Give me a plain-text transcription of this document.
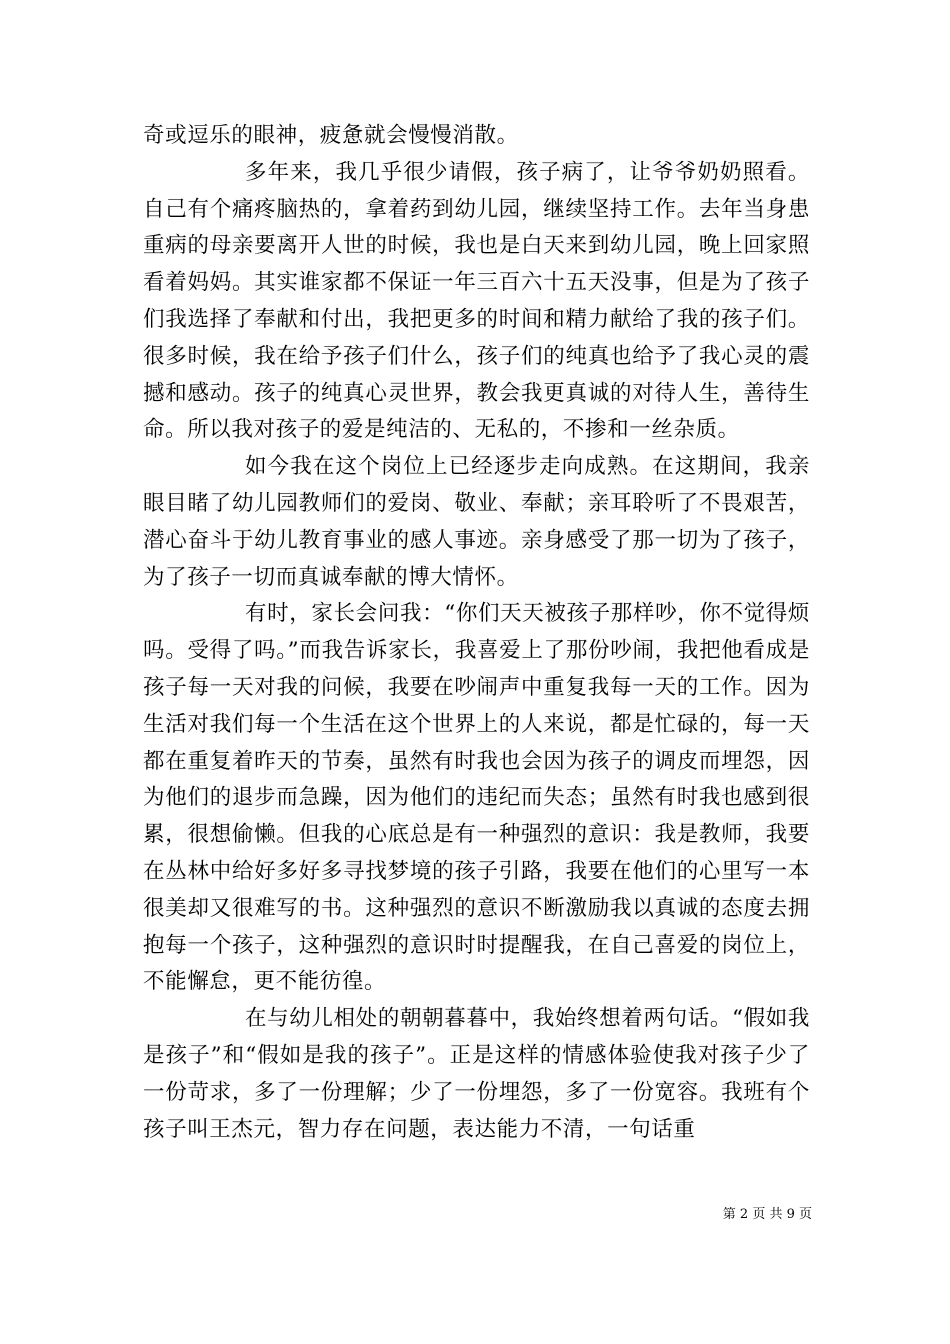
奇或逗乐的眼神，疲惫就会慢慢消散。

多年来，我几乎很少请假，孩子病了，让爷爷奶奶照看。自己有个痛疼脑热的，拿着药到幼儿园，继续坚持工作。去年当身患重病的母亲要离开人世的时候，我也是白天来到幼儿园，晚上回家照看着妈妈。其实谁家都不保证一年三百六十五天没事，但是为了孩子们我选择了奉献和付出，我把更多的时间和精力献给了我的孩子们。很多时候，我在给予孩子们什么，孩子们的纯真也给予了我心灵的震撼和感动。孩子的纯真心灵世界，教会我更真诚的对待人生，善待生命。所以我对孩子的爱是纯洁的、无私的，不掺和一丝杂质。

如今我在这个岗位上已经逐步走向成熟。在这期间，我亲眼目睹了幼儿园教师们的爱岗、敬业、奉献；亲耳聆听了不畏艰苦，潜心奋斗于幼儿教育事业的感人事迹。亲身感受了那一切为了孩子，为了孩子一切而真诚奉献的博大情怀。

有时，家长会问我：“你们天天被孩子那样吵，你不觉得烦吗。受得了吗。”而我告诉家长，我喜爱上了那份吵闹，我把他看成是孩子每一天对我的问候，我要在吵闹声中重复我每一天的工作。因为生活对我们每一个生活在这个世界上的人来说，都是忙碌的，每一天都在重复着昨天的节奏，虽然有时我也会因为孩子的调皮而埋怨，因为他们的退步而急躁，因为他们的违纪而失态；虽然有时我也感到很累，很想偷懒。但我的心底总是有一种强烈的意识：我是教师，我要在丛林中给好多好多寻找梦境的孩子引路，我要在他们的心里写一本很美却又很难写的书。这种强烈的意识不断激励我以真诚的态度去拥抱每一个孩子，这种强烈的意识时时提醒我，在自己喜爱的岗位上，不能懈怠，更不能彷徨。

在与幼儿相处的朝朝暮暮中，我始终想着两句话。“假如我是孩子”和“假如是我的孩子”。正是这样的情感体验使我对孩子少了一份苛求，多了一份理解；少了一份埋怨，多了一份宽容。我班有个孩子叫王杰元，智力存在问题，表达能力不清，一句话重

第 2 页 共 9 页
